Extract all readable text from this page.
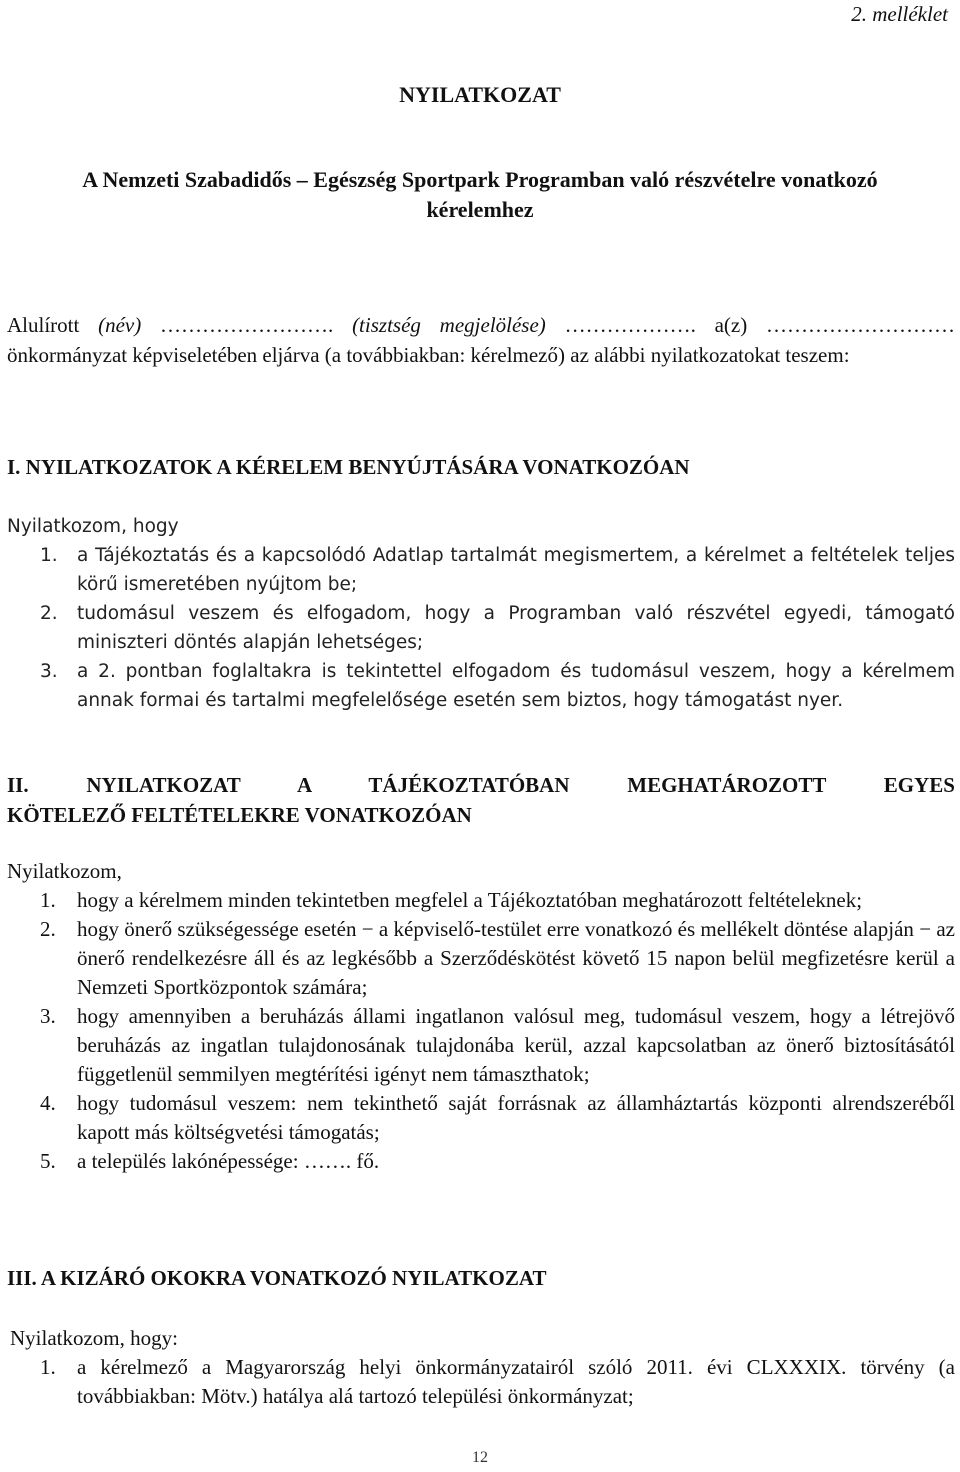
2. melléklet
NYILATKOZAT
A Nemzeti Szabadidős – Egészség Sportpark Programban való részvételre vonatkozó
kérelemhez
Alulírott (név) ……………………. (tisztség megjelölése) ………………. a(z) ……………………… önkormányzat képviseletében eljárva (a továbbiakban: kérelmező) az alábbi nyilatkozatokat teszem:
I. NYILATKOZATOK A KÉRELEM BENYÚJTÁSÁRA VONATKOZÓAN
Nyilatkozom, hogy
1. a Tájékoztatás és a kapcsolódó Adatlap tartalmát megismertem, a kérelmet a feltételek teljes körű ismeretében nyújtom be;
2. tudomásul veszem és elfogadom, hogy a Programban való részvétel egyedi, támogató miniszteri döntés alapján lehetséges;
3. a 2. pontban foglaltakra is tekintettel elfogadom és tudomásul veszem, hogy a kérelmem annak formai és tartalmi megfelelősége esetén sem biztos, hogy támogatást nyer.
II. NYILATKOZAT A TÁJÉKOZTATÓBAN MEGHATÁROZOTT EGYES
KÖTELEZŐ FELTÉTELEKRE VONATKOZÓAN
Nyilatkozom,
1. hogy a kérelmem minden tekintetben megfelel a Tájékoztatóban meghatározott feltételeknek;
2. hogy önerő szükségessége esetén − a képviselő-testület erre vonatkozó és mellékelt döntése alapján − az önerő rendelkezésre áll és az legkésőbb a Szerződéskötést követő 15 napon belül megfizetésre kerül a Nemzeti Sportközpontok számára;
3. hogy amennyiben a beruházás állami ingatlanon valósul meg, tudomásul veszem, hogy a létrejövő beruházás az ingatlan tulajdonosának tulajdonába kerül, azzal kapcsolatban az önerő biztosításától függetlenül semmilyen megtérítési igényt nem támaszthatok;
4. hogy tudomásul veszem: nem tekinthető saját forrásnak az államháztartás központi alrendszeréből kapott más költségvetési támogatás;
5. a település lakónépessége: ……. fő.
III. A KIZÁRÓ OKOKRA VONATKOZÓ NYILATKOZAT
Nyilatkozom, hogy:
1. a kérelmező a Magyarország helyi önkormányzatairól szóló 2011. évi CLXXXIX. törvény (a továbbiakban: Mötv.) hatálya alá tartozó települési önkormányzat;
12
